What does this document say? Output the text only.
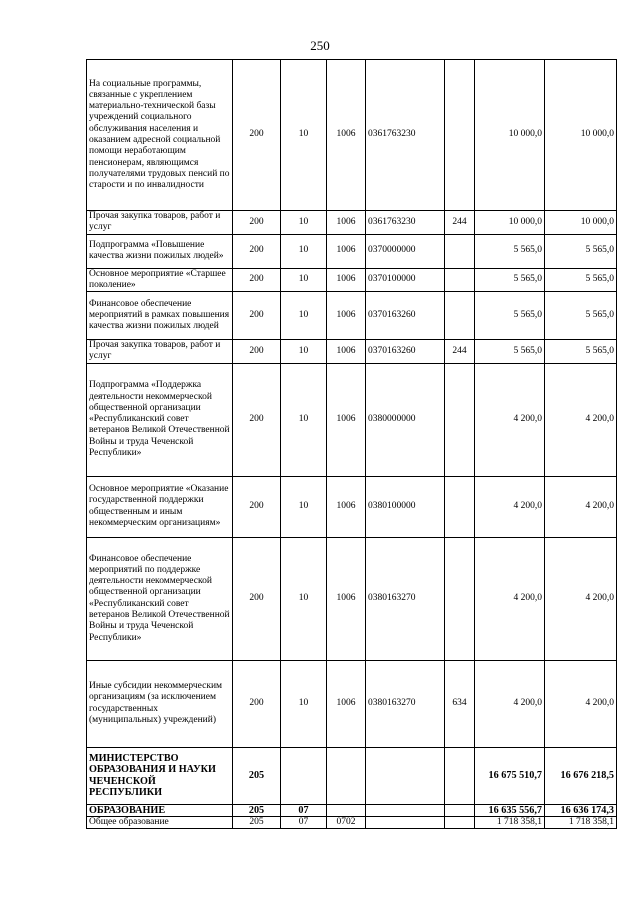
250
На социальные программы, связанные с укреплением материально-технической базы учреждений социального обслуживания населения и оказанием адресной социальной помощи неработающим пенсионерам, являющимся получателями трудовых пенсий по старости и по инвалидности	200	10	1006	0361763230		10 000,0	10 000,0
Прочая закупка товаров, работ и услуг	200	10	1006	0361763230	244	10 000,0	10 000,0
Подпрограмма «Повышение качества жизни пожилых людей»	200	10	1006	0370000000		5 565,0	5 565,0
Основное мероприятие «Старшее поколение»	200	10	1006	0370100000		5 565,0	5 565,0
Финансовое обеспечение мероприятий в рамках повышения качества жизни пожилых людей	200	10	1006	0370163260		5 565,0	5 565,0
Прочая закупка товаров, работ и услуг	200	10	1006	0370163260	244	5 565,0	5 565,0
Подпрограмма «Поддержка деятельности некоммерческой общественной организации «Республиканский совет ветеранов Великой Отечественной Войны и труда Чеченской Республики»	200	10	1006	0380000000		4 200,0	4 200,0
Основное мероприятие «Оказание государственной поддержки общественным и иным некоммерческим организациям»	200	10	1006	0380100000		4 200,0	4 200,0
Финансовое обеспечение мероприятий по поддержке деятельности некоммерческой общественной организации «Республиканский совет ветеранов Великой Отечественной Войны и труда Чеченской Республики»	200	10	1006	0380163270		4 200,0	4 200,0
Иные субсидии некоммерческим организациям (за исключением государственных (муниципальных) учреждений)	200	10	1006	0380163270	634	4 200,0	4 200,0
МИНИСТЕРСТВО ОБРАЗОВАНИЯ И НАУКИ ЧЕЧЕНСКОЙ РЕСПУБЛИКИ	205					16 675 510,7	16 676 218,5
ОБРАЗОВАНИЕ	205	07				16 635 556,7	16 636 174,3
Общее образование	205	07	0702			1 718 358,1	1 718 358,1
